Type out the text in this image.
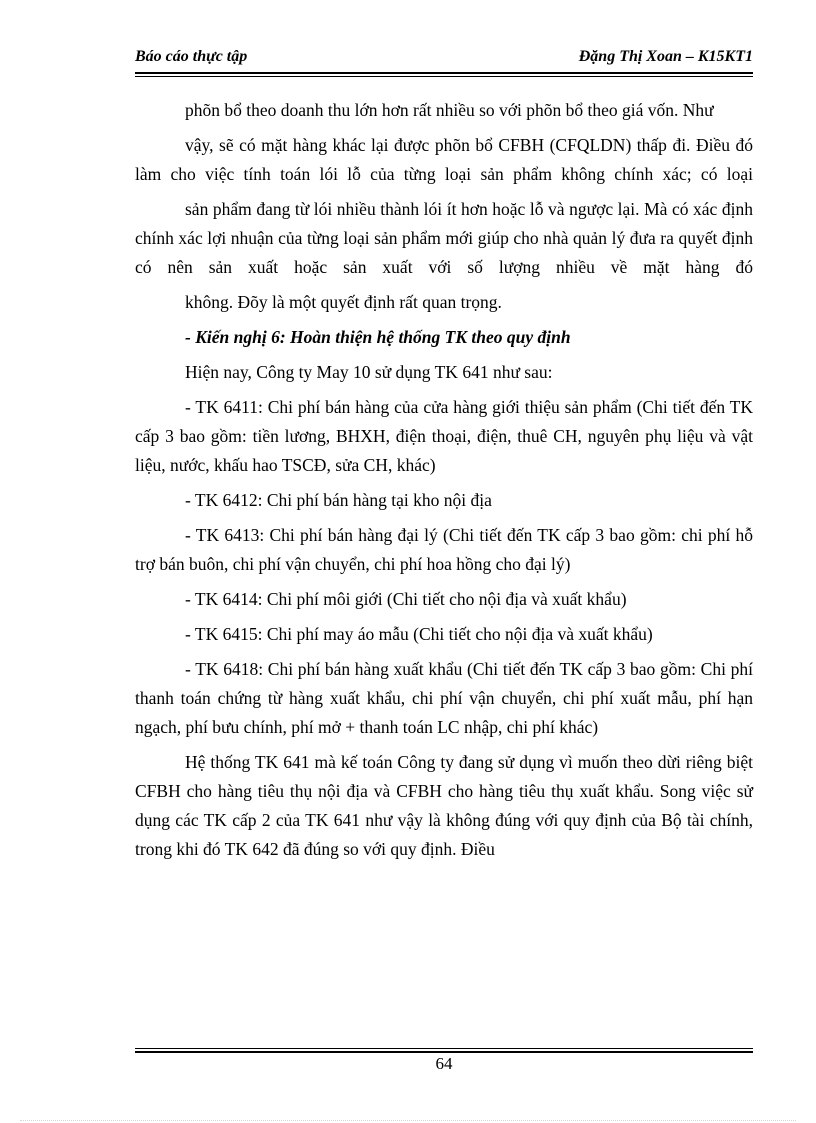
Báo cáo thực tập	Đặng Thị Xoan – K15KT1

phõn bổ theo doanh thu lớn hơn rất nhiều so với phõn bổ theo giá vốn. Như

vậy, sẽ có mặt hàng khác lại được phõn bổ CFBH (CFQLDN) thấp đi. Điều đó làm cho việc tính toán lói lỗ của từng loại sản phẩm không chính xác; có loại

sản phẩm đang từ lói nhiều thành lói ít hơn hoặc lỗ và ngược lại. Mà có xác định chính xác lợi nhuận của từng loại sản phẩm mới giúp cho nhà quản lý đưa ra quyết định có nên sản xuất hoặc sản xuất với số lượng nhiều về mặt hàng đó

không. Đõy là một quyết định rất quan trọng.

- Kiến nghị 6: Hoàn thiện hệ thống TK theo quy định

Hiện nay, Công ty May 10 sử dụng TK 641 như sau:

- TK 6411: Chi phí bán hàng của cửa hàng giới thiệu sản phẩm (Chi tiết đến TK cấp 3 bao gồm: tiền lương, BHXH, điện thoại, điện, thuê CH, nguyên phụ liệu và vật liệu, nước, khấu hao TSCĐ, sửa CH, khác)

- TK 6412: Chi phí bán hàng tại kho nội địa

- TK 6413: Chi phí bán hàng đại lý (Chi tiết đến TK cấp 3 bao gồm: chi phí hỗ trợ bán buôn, chi phí vận chuyển, chi phí hoa hồng cho đại lý)

- TK 6414: Chi phí môi giới (Chi tiết cho nội địa và xuất khẩu)

- TK 6415: Chi phí may áo mẫu (Chi tiết cho nội địa và xuất khẩu)

- TK 6418: Chi phí bán hàng xuất khẩu (Chi tiết đến TK cấp 3 bao gồm: Chi phí thanh toán chứng từ hàng xuất khẩu, chi phí vận chuyển, chi phí xuất mẫu, phí hạn ngạch, phí bưu chính, phí mở + thanh toán LC nhập, chi phí khác)

Hệ thống TK 641 mà kế toán Công ty đang sử dụng vì muốn theo dừi riêng biệt CFBH cho hàng tiêu thụ nội địa và CFBH cho hàng tiêu thụ xuất khẩu. Song việc sử dụng các TK cấp 2 của TK 641 như vậy là không đúng với quy định của Bộ tài chính, trong khi đó TK 642 đã đúng so với quy định. Điều

64
